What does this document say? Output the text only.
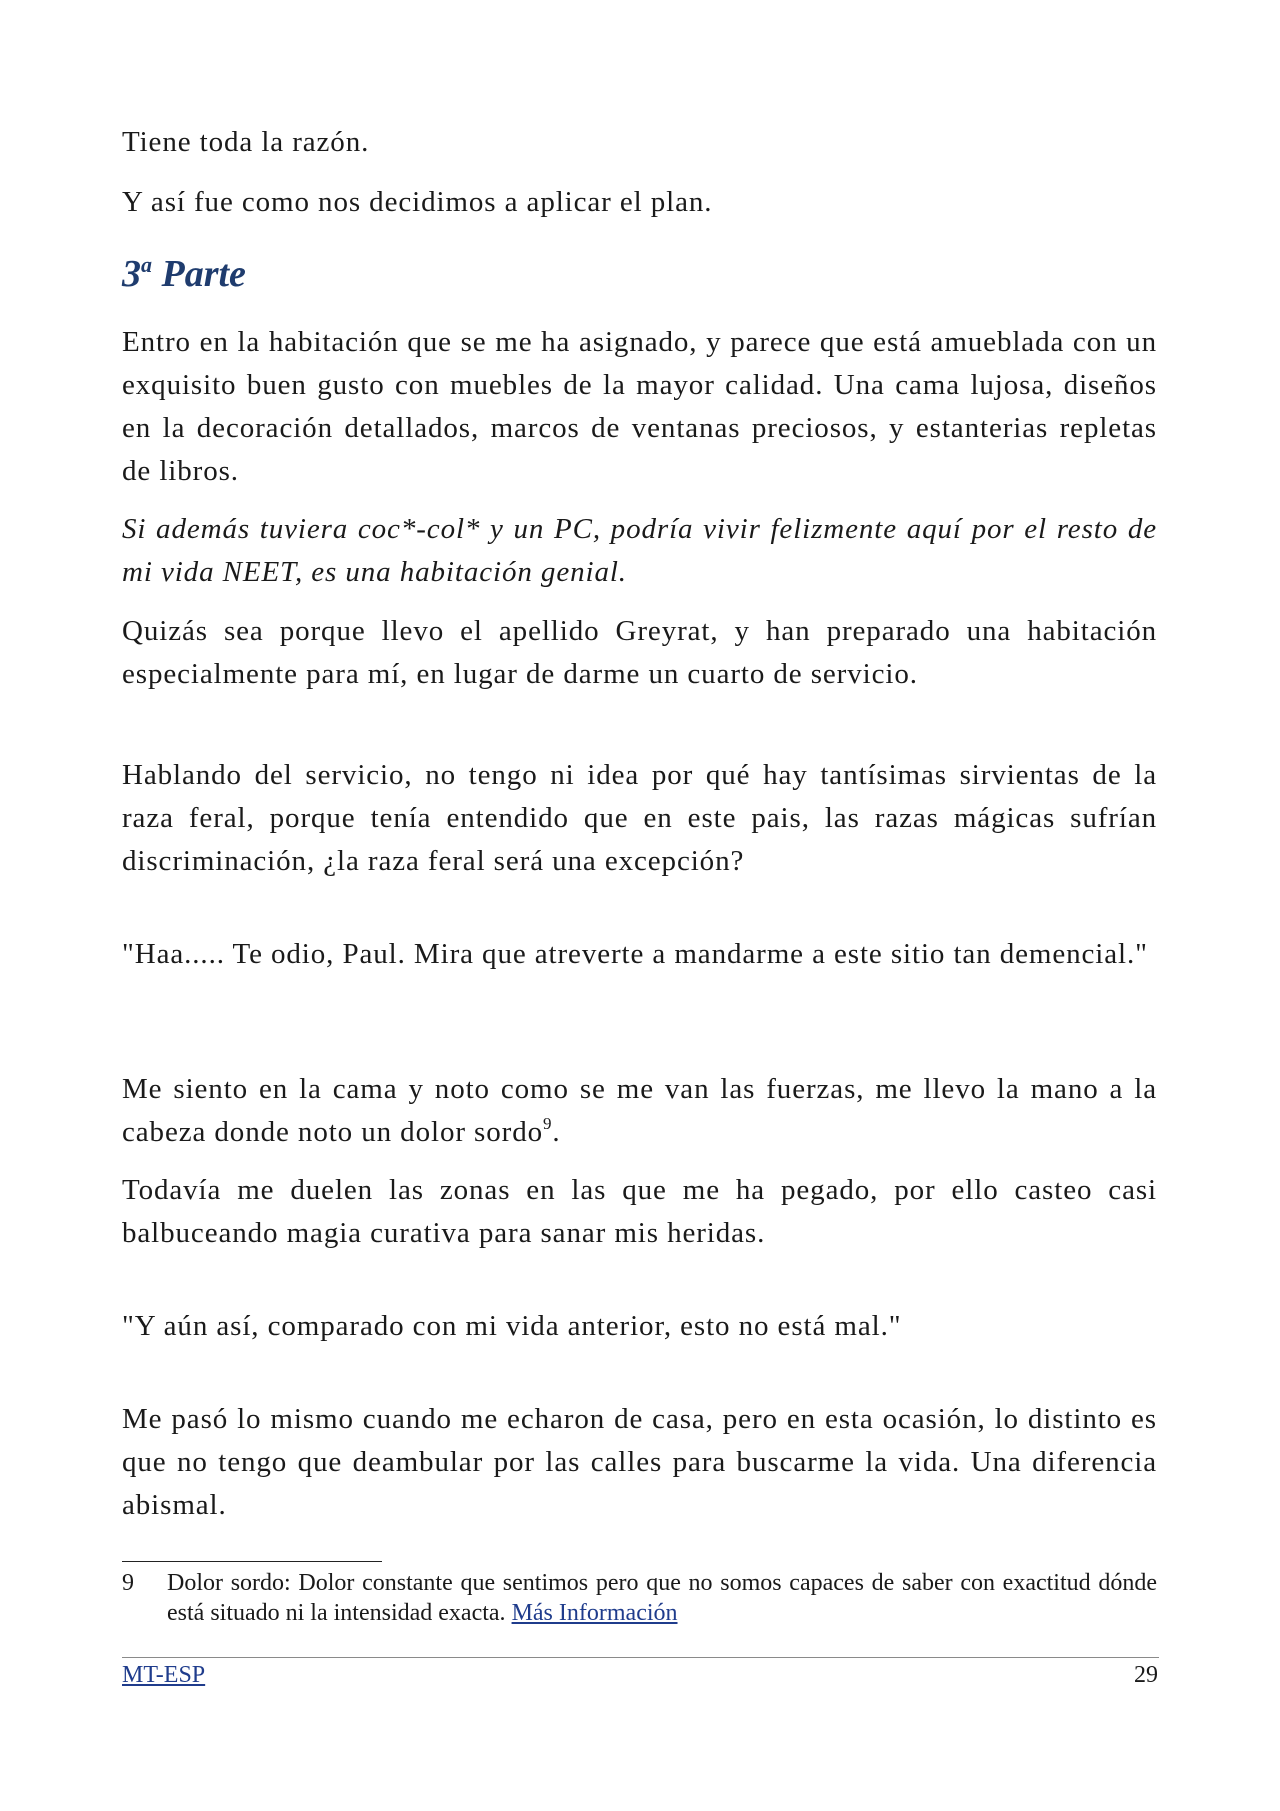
Tiene toda la razón.

Y así fue como nos decidimos a aplicar el plan.

3$^a$ Parte

Entro en la habitación que se me ha asignado, y parece que está amueblada con un exquisito buen gusto con muebles de la mayor calidad. Una cama lujosa, diseños en la decoración detallados, marcos de ventanas preciosos, y estanterias repletas de libros.

Si además tuviera coc*-col* y un PC, podría vivir felizmente aquí por el resto de mi vida NEET, es una habitación genial.

Quizás sea porque llevo el apellido Greyrat, y han preparado una habitación especialmente para mí, en lugar de darme un cuarto de servicio.

Hablando del servicio, no tengo ni idea por qué hay tantísimas sirvientas de la raza feral, porque tenía entendido que en este pais, las razas mágicas sufrían discriminación, ¿la raza feral será una excepción?

"Haa..... Te odio, Paul. Mira que atreverte a mandarme a este sitio tan demencial."

Me siento en la cama y noto como se me van las fuerzas, me llevo la mano a la cabeza donde noto un dolor sordo$^9$.

Todavía me duelen las zonas en las que me ha pegado, por ello casteo casi balbuceando magia curativa para sanar mis heridas.

"Y aún así, comparado con mi vida anterior, esto no está mal."

Me pasó lo mismo cuando me echaron de casa, pero en esta ocasión, lo distinto es que no tengo que deambular por las calles para buscarme la vida. Una diferencia abismal.

9 Dolor sordo: Dolor constante que sentimos pero que no somos capaces de saber con exactitud dónde está situado ni la intensidad exacta. Más Información
MT-ESP	29
